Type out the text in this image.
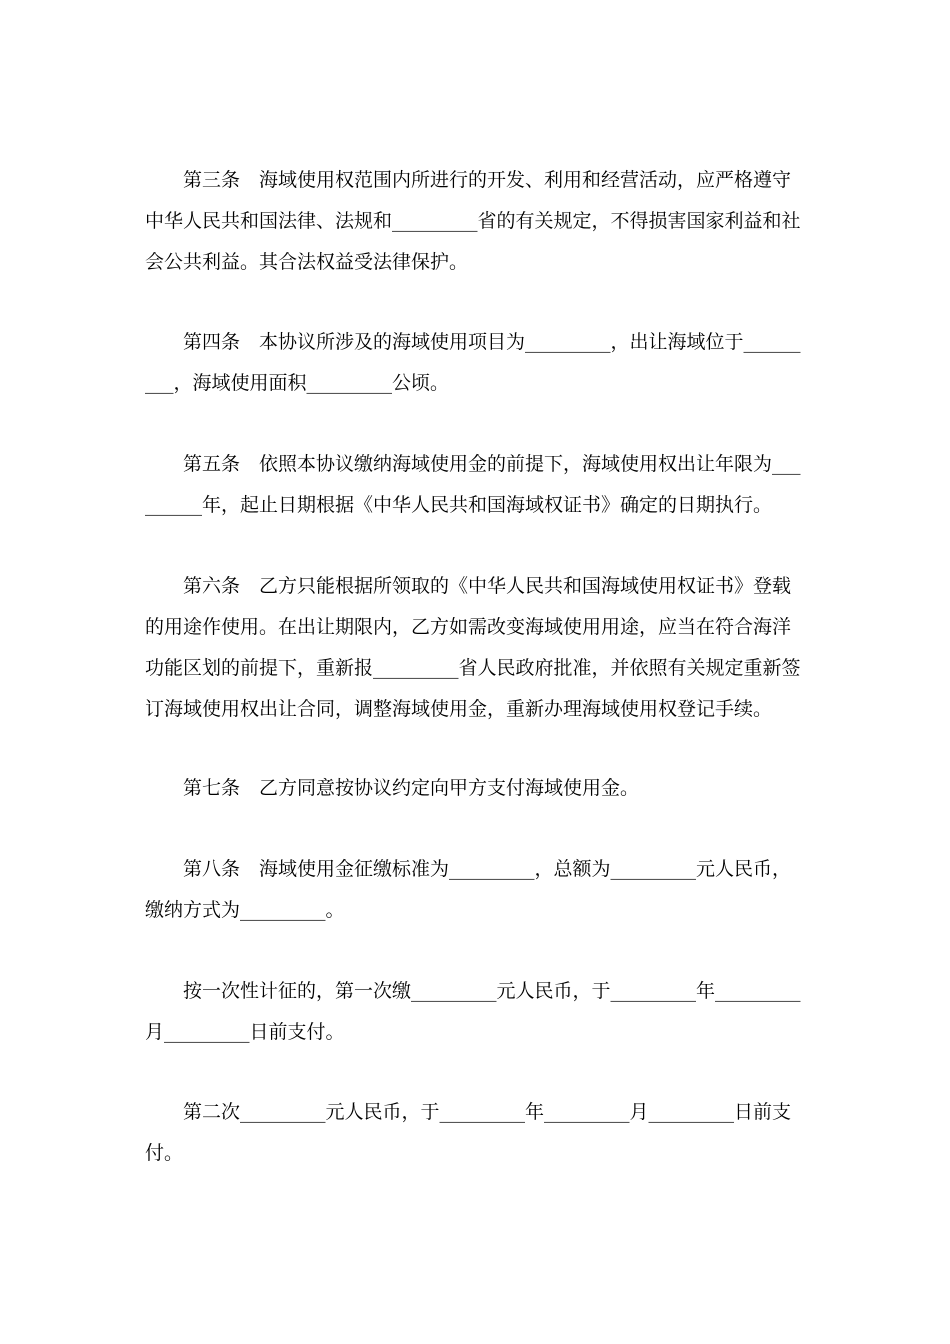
第三条　海域使用权范围内所进行的开发、利用和经营活动，应严格遵守
中华人民共和国法律、法规和_________省的有关规定，不得损害国家利益和社
会公共利益。其合法权益受法律保护。
第四条　本协议所涉及的海域使用项目为_________，出让海域位于______
___，海域使用面积_________公顷。
第五条　依照本协议缴纳海域使用金的前提下，海域使用权出让年限为___
______年，起止日期根据《中华人民共和国海域权证书》确定的日期执行。
第六条　乙方只能根据所领取的《中华人民共和国海域使用权证书》登载
的用途作使用。在出让期限内，乙方如需改变海域使用用途，应当在符合海洋
功能区划的前提下，重新报_________省人民政府批准，并依照有关规定重新签
订海域使用权出让合同，调整海域使用金，重新办理海域使用权登记手续。
第七条　乙方同意按协议约定向甲方支付海域使用金。
第八条　海域使用金征缴标准为_________，总额为_________元人民币，
缴纳方式为_________。
按一次性计征的，第一次缴_________元人民币，于_________年_________
月_________日前支付。
第二次_________元人民币，于_________年_________月_________日前支
付。
